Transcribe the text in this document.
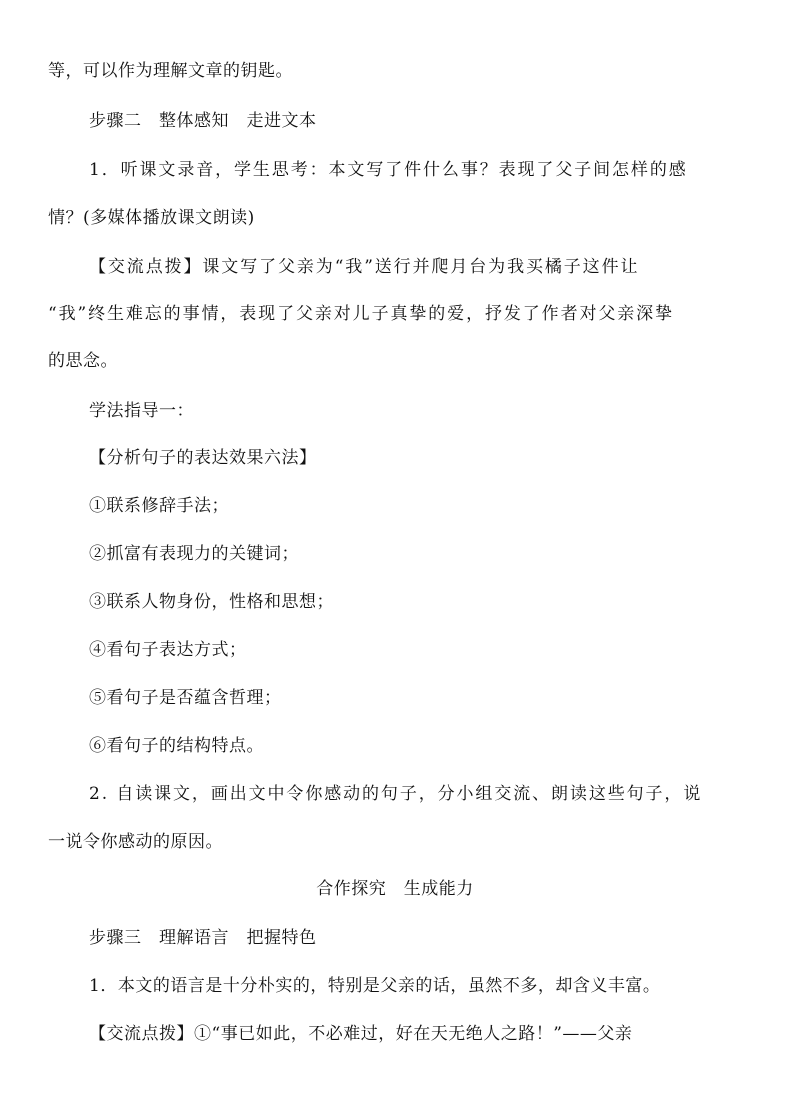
等，可以作为理解文章的钥匙。
步骤二　整体感知　走进文本
1．听课文录音，学生思考：本文写了件什么事？表现了父子间怎样的感
情？(多媒体播放课文朗读)
【交流点拨】课文写了父亲为“我”送行并爬月台为我买橘子这件让
“我”终生难忘的事情，表现了父亲对儿子真挚的爱，抒发了作者对父亲深挚
的思念。
学法指导一：
【分析句子的表达效果六法】
①联系修辞手法；
②抓富有表现力的关键词；
③联系人物身份，性格和思想；
④看句子表达方式；
⑤看句子是否蕴含哲理；
⑥看句子的结构特点。
2. 自读课文，画出文中令你感动的句子，分小组交流、朗读这些句子，说
一说令你感动的原因。
合作探究　生成能力
步骤三　理解语言　把握特色
1．本文的语言是十分朴实的，特别是父亲的话，虽然不多，却含义丰富。
【交流点拨】①“事已如此，不必难过，好在天无绝人之路！”——父亲
